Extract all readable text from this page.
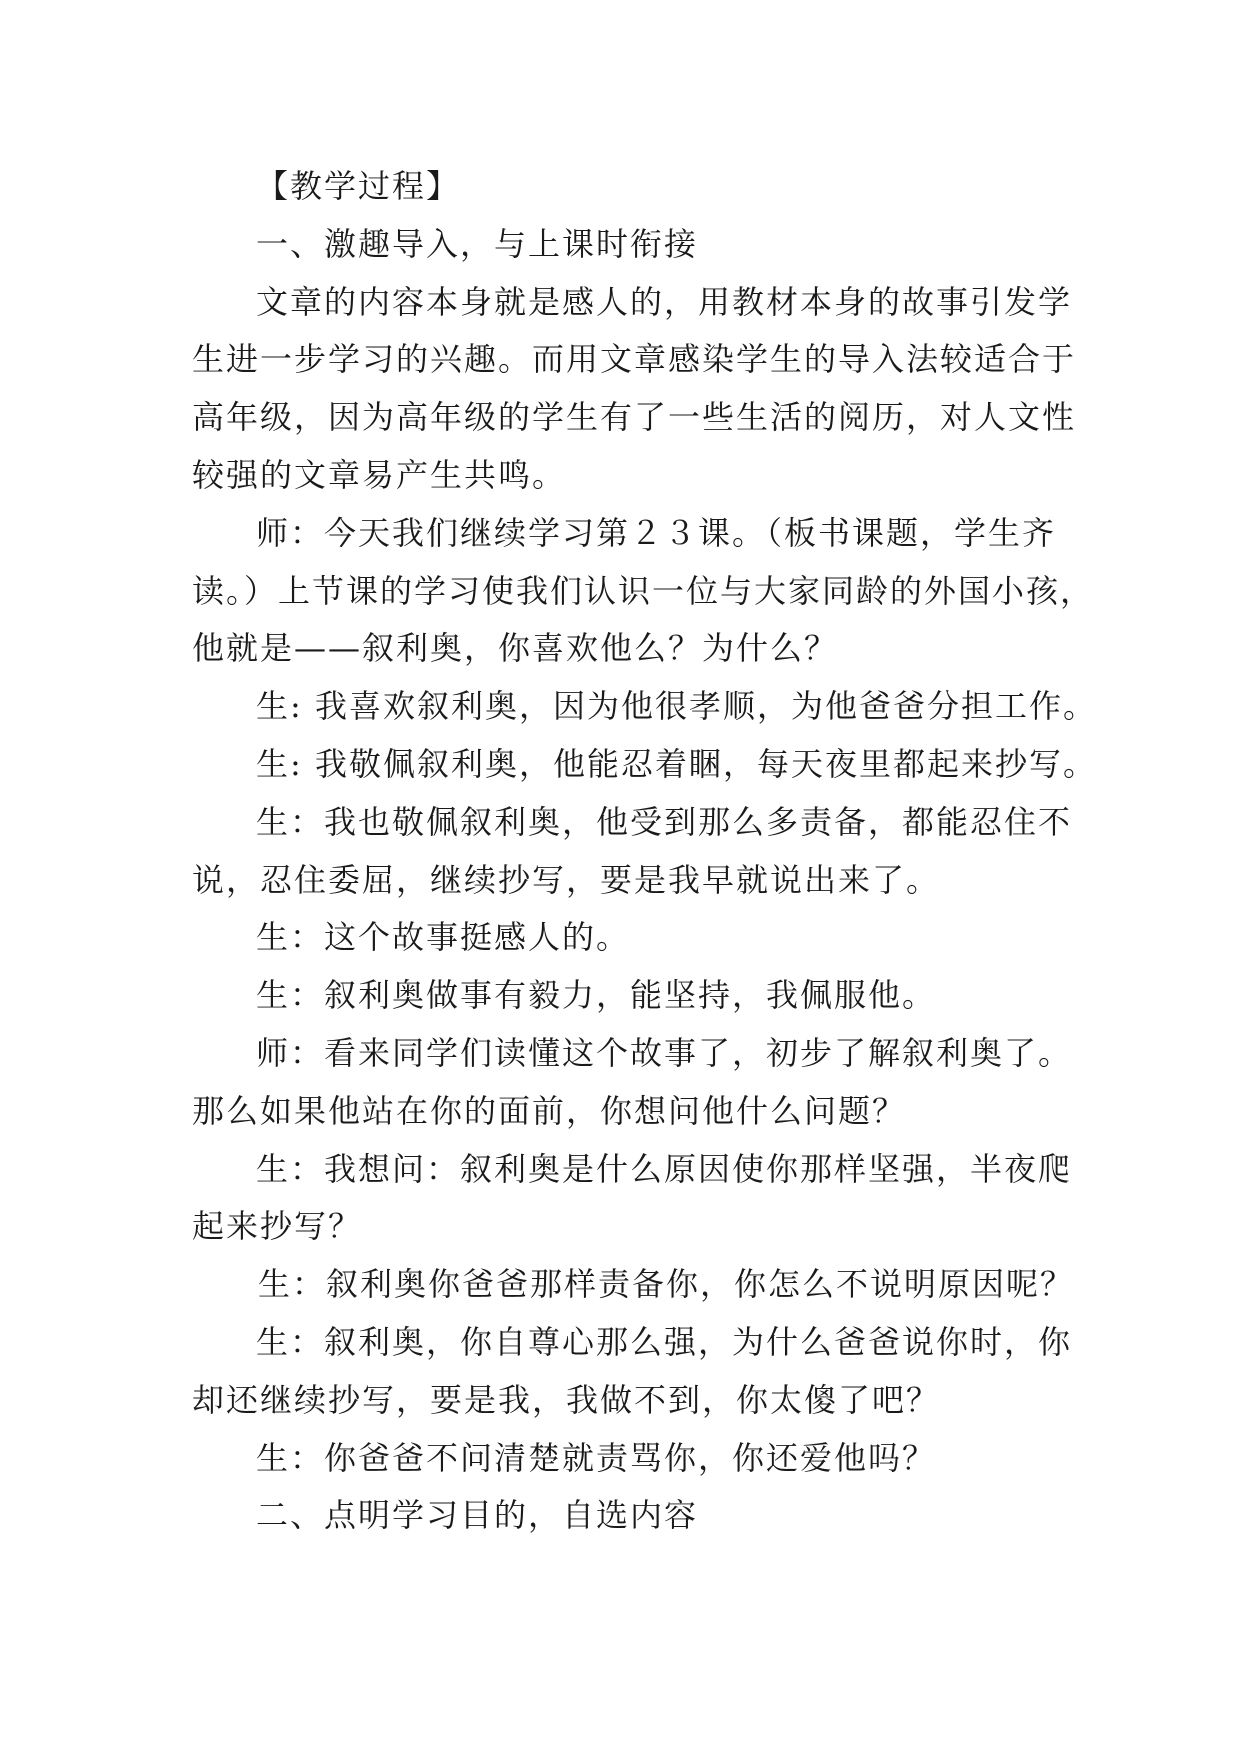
【教学过程】
一、激趣导入，与上课时衔接
文章的内容本身就是感人的，用教材本身的故事引发学
生进一步学习的兴趣。而用文章感染学生的导入法较适合于
高年级，因为高年级的学生有了一些生活的阅历，对人文性
较强的文章易产生共鸣。
师：今天我们继续学习第２３课。（板书课题，学生齐
读。）上节课的学习使我们认识一位与大家同龄的外国小孩，
他就是——叙利奥，你喜欢他么？为什么？
生: 我喜欢叙利奥，因为他很孝顺，为他爸爸分担工作。
生: 我敬佩叙利奥，他能忍着睏，每天夜里都起来抄写。
生：我也敬佩叙利奥，他受到那么多责备，都能忍住不
说，忍住委屈，继续抄写，要是我早就说出来了。
生：这个故事挺感人的。
生：叙利奥做事有毅力，能坚持，我佩服他。
师：看来同学们读懂这个故事了，初步了解叙利奥了。
那么如果他站在你的面前，你想问他什么问题？
生：我想问：叙利奥是什么原因使你那样坚强，半夜爬
起来抄写？
生：叙利奥你爸爸那样责备你，你怎么不说明原因呢？
生：叙利奥，你自尊心那么强，为什么爸爸说你时，你
却还继续抄写，要是我，我做不到，你太傻了吧？
生：你爸爸不问清楚就责骂你，你还爱他吗？
二、点明学习目的，自选内容
